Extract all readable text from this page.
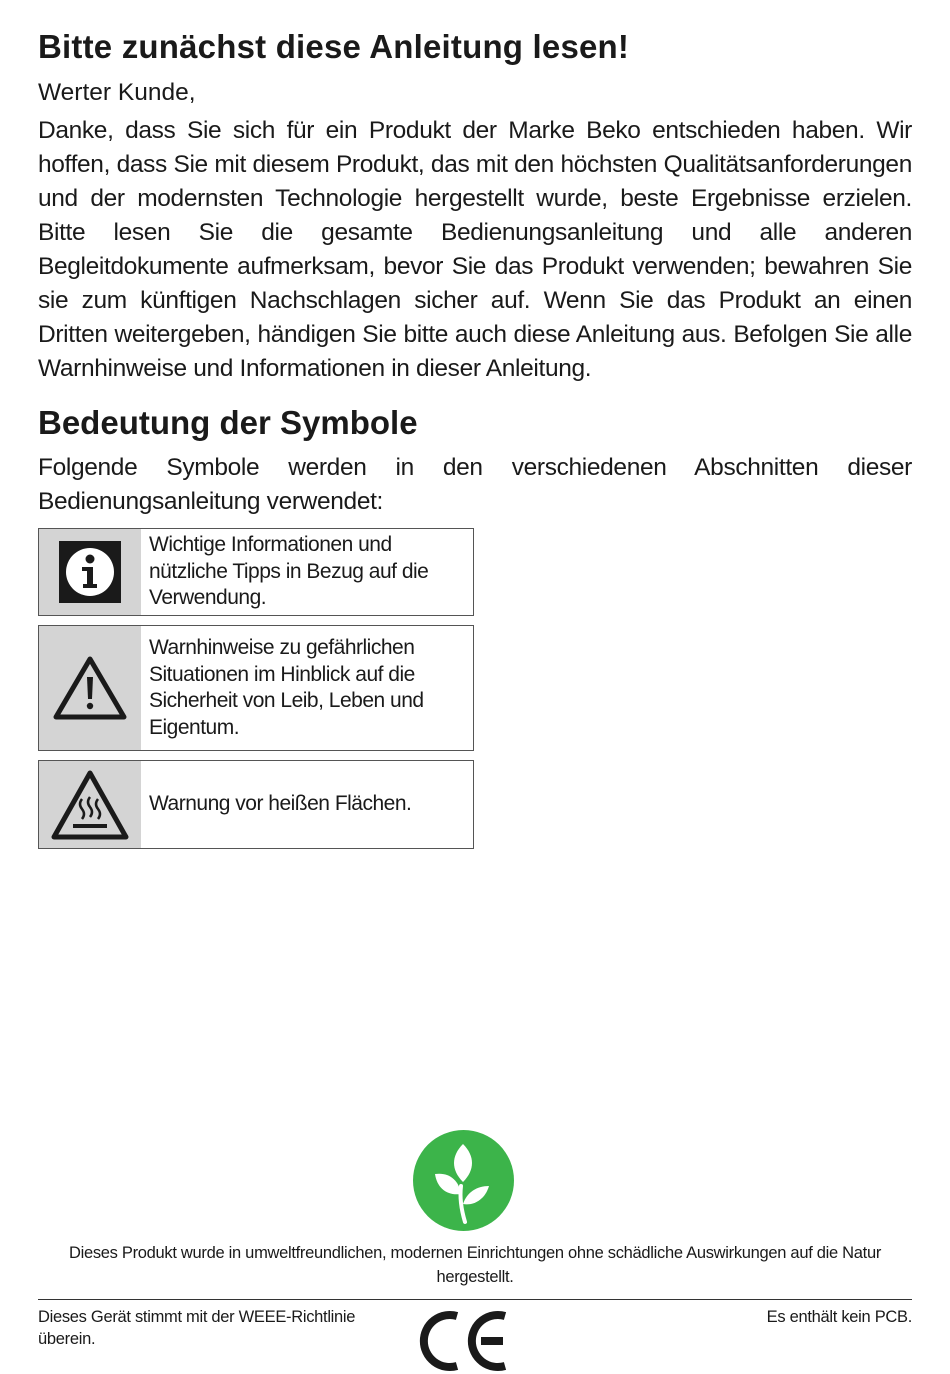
Bitte zunächst diese Anleitung lesen!
Werter Kunde,

Danke, dass Sie sich für ein Produkt der Marke Beko entschieden haben. Wir hoffen, dass Sie mit diesem Produkt, das mit den höchsten Qualitätsanforderungen und der modernsten Technologie hergestellt wurde, beste Ergebnisse erzielen. Bitte lesen Sie die gesamte Bedienungsanleitung und alle anderen Begleitdokumente aufmerksam, bevor Sie das Produkt verwenden; bewahren Sie sie zum künftigen Nachschlagen sicher auf. Wenn Sie das Produkt an einen Dritten weitergeben, händigen Sie bitte auch diese Anleitung aus. Befolgen Sie alle Warnhinweise und Informationen in dieser Anleitung.

Bedeutung der Symbole

Folgende Symbole werden in den verschiedenen Abschnitten dieser Bedienungsanleitung verwendet:

Wichtige Informationen und nützliche Tipps in Bezug auf die Verwendung.
Warnhinweise zu gefährlichen Situationen im Hinblick auf die Sicherheit von Leib, Leben und Eigentum.
Warnung vor heißen Flächen.
Dieses Produkt wurde in umweltfreundlichen, modernen Einrichtungen ohne schädliche Auswirkungen auf die Natur hergestellt.
Dieses Gerät stimmt mit der WEEE-Richtlinie überein.
Es enthält kein PCB.
